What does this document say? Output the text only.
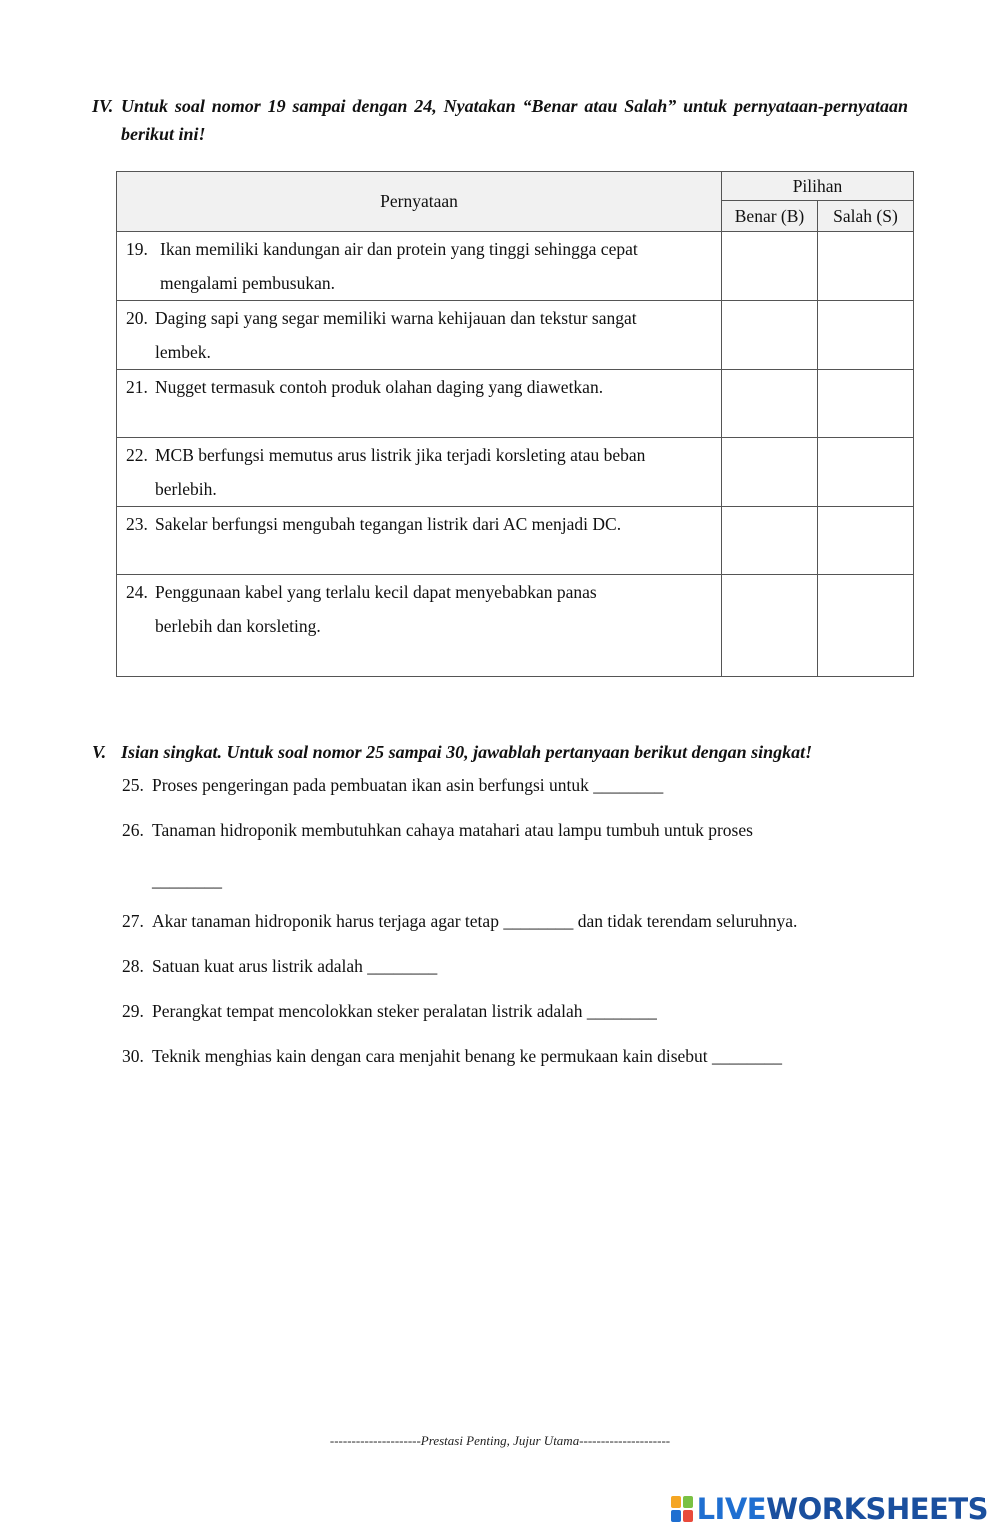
IV. Untuk soal nomor 19 sampai dengan 24, Nyatakan “Benar atau Salah” untuk pernyataan-pernyataan berikut ini!
Pernyataan	Pilihan	
	Benar (B)	Salah (S)

19. Ikan memiliki kandungan air dan protein yang tinggi sehingga cepat
mengalami pembusukan.		

20. Daging sapi yang segar memiliki warna kehijauan dan tekstur sangat
lembek.		

21. Nugget termasuk contoh produk olahan daging yang diawetkan.		

22. MCB berfungsi memutus arus listrik jika terjadi korsleting atau beban
berlebih.		

23. Sakelar berfungsi mengubah tegangan listrik dari AC menjadi DC.		

24. Penggunaan kabel yang terlalu kecil dapat menyebabkan panas
berlebih dan korsleting.		

V. Isian singkat. Untuk soal nomor 25 sampai 30, jawablah pertanyaan berikut dengan singkat!
25. Proses pengeringan pada pembuatan ikan asin berfungsi untuk ________
26. Tanaman hidroponik membutuhkan cahaya matahari atau lampu tumbuh untuk proses
________
27. Akar tanaman hidroponik harus terjaga agar tetap ________ dan tidak terendam seluruhnya.
28. Satuan kuat arus listrik adalah ________
29. Perangkat tempat mencolokkan steker peralatan listrik adalah ________
30. Teknik menghias kain dengan cara menjahit benang ke permukaan kain disebut ________
---------------------Prestasi Penting, Jujur Utama---------------------
LIVEWORKSHEETS
